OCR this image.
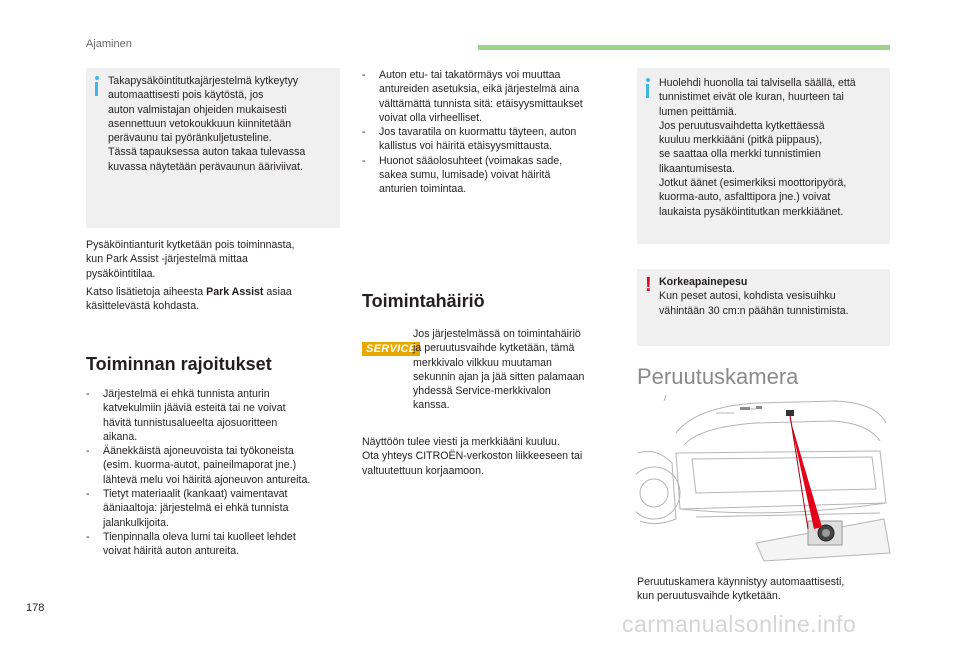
Ajaminen
Takapysäköintitutkajärjestelmä kytkeytyy
automaattisesti pois käytöstä, jos
auton valmistajan ohjeiden mukaisesti
asennettuun vetokoukkuun kiinnitetään
perävaunu tai pyöränkuljetusteline.
Tässä tapauksessa auton takaa tulevassa
kuvassa näytetään perävaunun ääriviivat.
Pysäköintianturit kytketään pois toiminnasta,
kun Park Assist -järjestelmä mittaa
pysäköintitilaa.
Katso lisätietoja aiheesta Park Assist asiaa
käsittelevästä kohdasta.
Toiminnan rajoitukset
- Järjestelmä ei ehkä tunnista anturin
katvekulmiin jääviä esteitä tai ne voivat
hävitä tunnistusalueelta ajosuoritteen
aikana.
- Äänekkäistä ajoneuvoista tai työkoneista
(esim. kuorma-autot, paineilmaporat jne.)
lähtevä melu voi häiritä ajoneuvon antureita.
- Tietyt materiaalit (kankaat) vaimentavat
ääniaaltoja: järjestelmä ei ehkä tunnista
jalankulkijoita.
- Tienpinnalla oleva lumi tai kuolleet lehdet
voivat häiritä auton antureita.
- Auton etu- tai takatörmäys voi muuttaa
antureiden asetuksia, eikä järjestelmä aina
välttämättä tunnista sitä: etäisyysmittaukset
voivat olla virheelliset.
- Jos tavaratila on kuormattu täyteen, auton
kallistus voi häiritä etäisyysmittausta.
- Huonot sääolosuhteet (voimakas sade,
sakea sumu, lumisade) voivat häiritä
anturien toimintaa.
Toimintahäiriö
SERVICE
Jos järjestelmässä on toimintahäiriö
ja peruutusvaihde kytketään, tämä
merkkivalo vilkkuu muutaman
sekunnin ajan ja jää sitten palamaan
yhdessä Service-merkkivalon
kanssa.
Näyttöön tulee viesti ja merkkiääni kuuluu.
Ota yhteys CITROËN-verkoston liikkeeseen tai
valtuutettuun korjaamoon.
Huolehdi huonolla tai talvisella säällä, että
tunnistimet eivät ole kuran, huurteen tai
lumen peittämiä.
Jos peruutusvaihdetta kytkettäessä
kuuluu merkkiääni (pitkä piippaus),
se saattaa olla merkki tunnistimien
likaantumisesta.
Jotkut äänet (esimerkiksi moottoripyörä,
kuorma-auto, asfalttipora jne.) voivat
laukaista pysäköintitutkan merkkiäänet.
! Korkeapainepesu
Kun peset autosi, kohdista vesisuihku
vähintään 30 cm:n päähän tunnistimista.
Peruutuskamera
Peruutuskamera käynnistyy automaattisesti,
kun peruutusvaihde kytketään.
178
carmanualsonline.info
